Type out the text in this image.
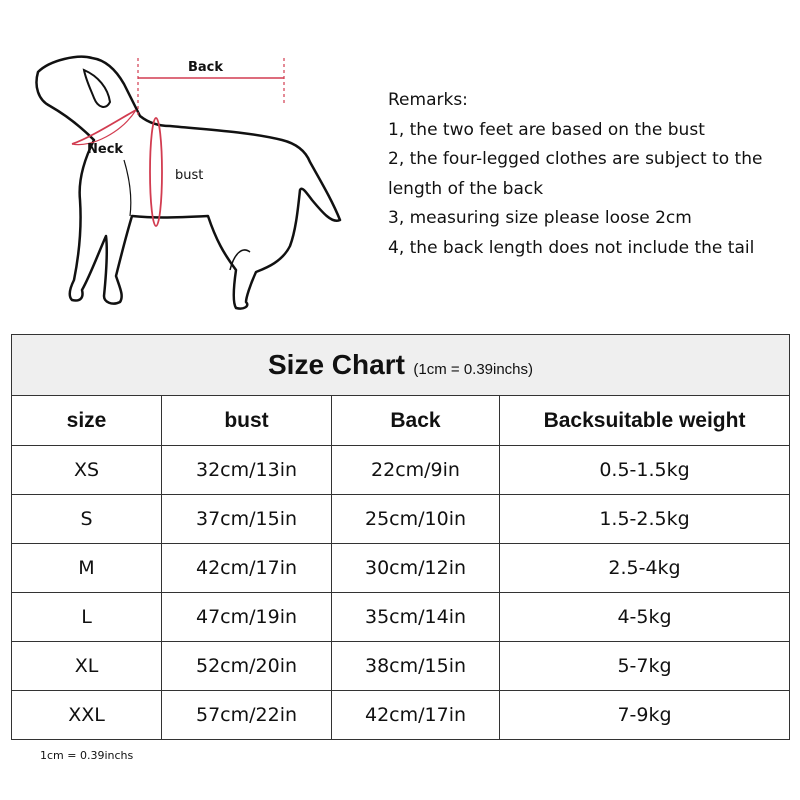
Back
Neck
bust
Remarks:
1, the two feet are based on the bust
2, the four-legged clothes are subject to the
length of the back
3, measuring size please loose 2cm
4, the back length does not include the tail
Size Chart (1cm = 0.39inchs)			
size	bust	Back	Backsuitable weight
XS	32cm/13in	22cm/9in	0.5-1.5kg
S	37cm/15in	25cm/10in	1.5-2.5kg
M	42cm/17in	30cm/12in	2.5-4kg
L	47cm/19in	35cm/14in	4-5kg
XL	52cm/20in	38cm/15in	5-7kg
XXL	57cm/22in	42cm/17in	7-9kg
1cm = 0.39inchs
